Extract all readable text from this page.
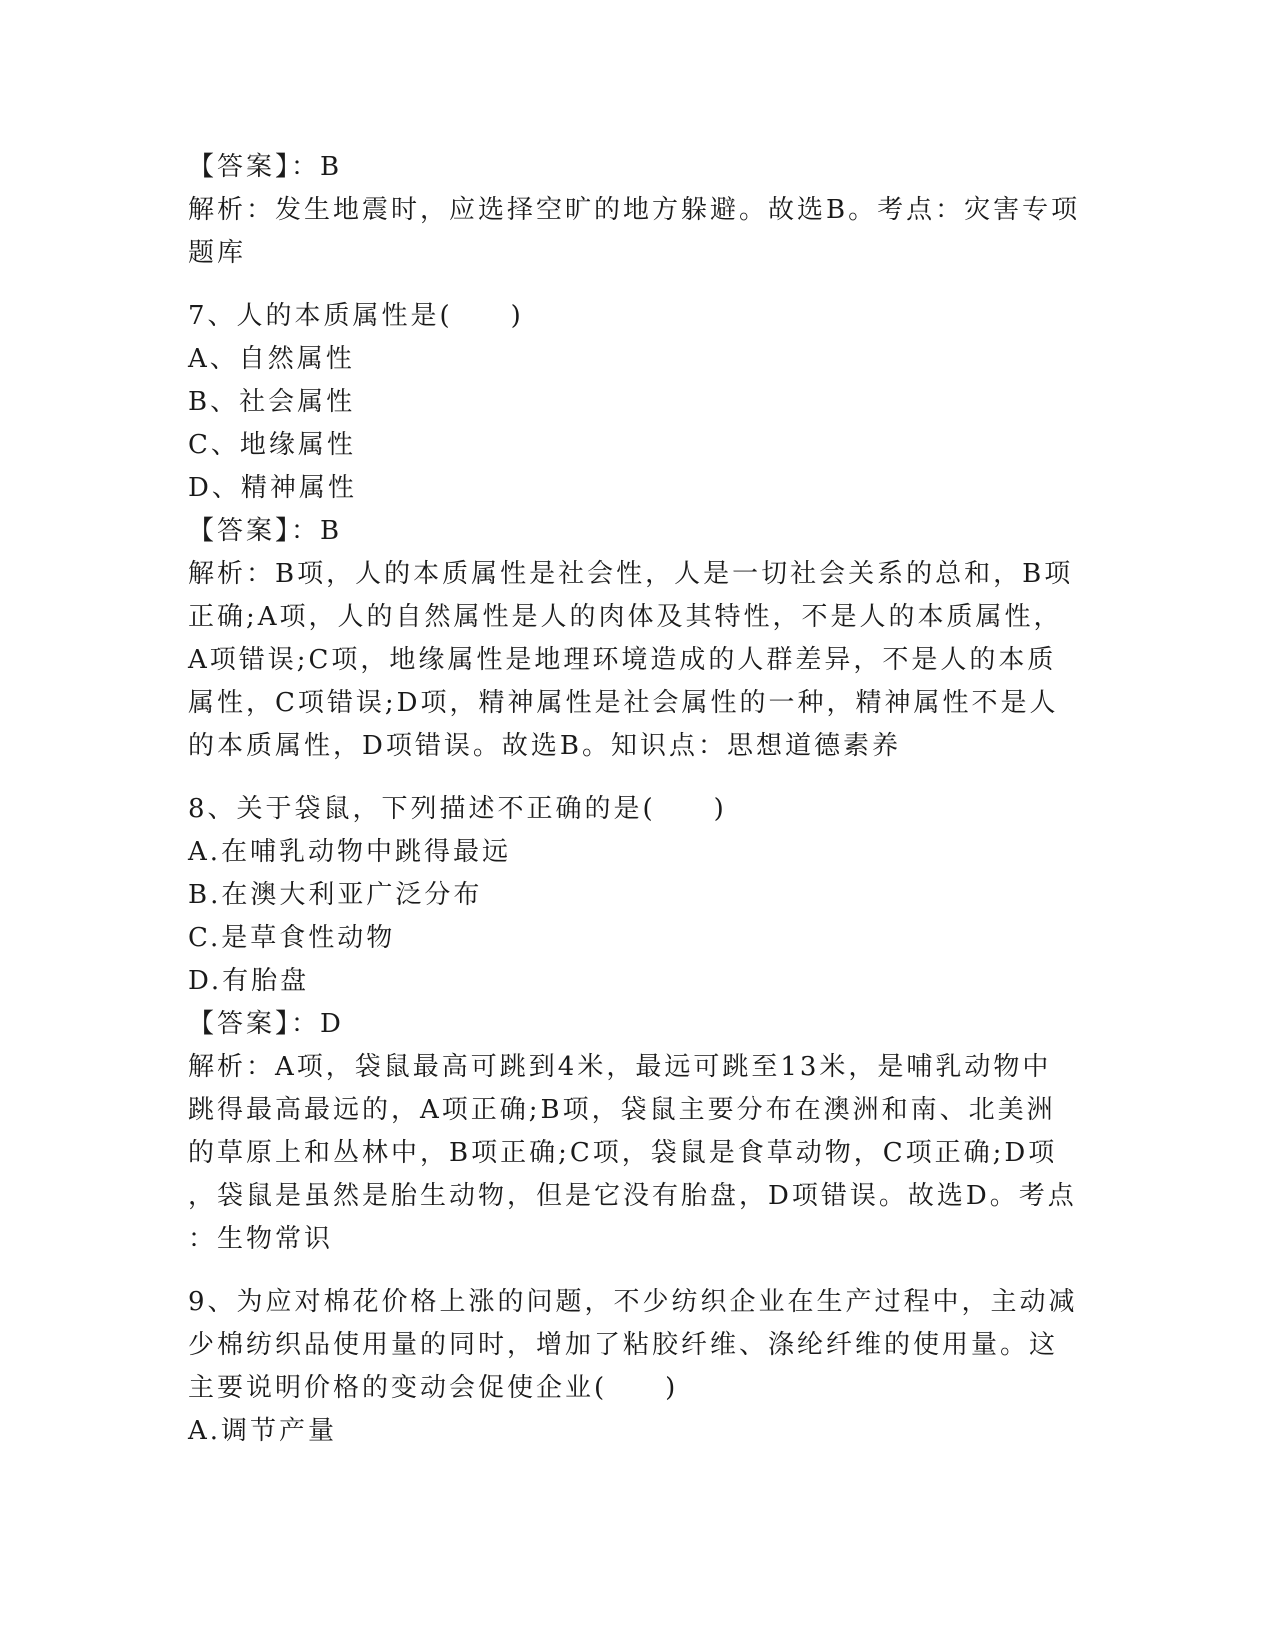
【答案】：B
解析：发生地震时，应选择空旷的地方躲避。故选B。考点：灾害专项
题库
7、人的本质属性是(　　)
A、自然属性
B、社会属性
C、地缘属性
D、精神属性
【答案】：B
解析：B项，人的本质属性是社会性，人是一切社会关系的总和，B项
正确;A项，人的自然属性是人的肉体及其特性，不是人的本质属性，
A项错误;C项，地缘属性是地理环境造成的人群差异，不是人的本质
属性，C项错误;D项，精神属性是社会属性的一种，精神属性不是人
的本质属性，D项错误。故选B。知识点：思想道德素养
8、关于袋鼠，下列描述不正确的是(　　)
A.在哺乳动物中跳得最远
B.在澳大利亚广泛分布
C.是草食性动物
D.有胎盘
【答案】：D
解析：A项，袋鼠最高可跳到4米，最远可跳至13米，是哺乳动物中
跳得最高最远的，A项正确;B项，袋鼠主要分布在澳洲和南、北美洲
的草原上和丛林中，B项正确;C项，袋鼠是食草动物，C项正确;D项
，袋鼠是虽然是胎生动物，但是它没有胎盘，D项错误。故选D。考点
：生物常识
9、为应对棉花价格上涨的问题，不少纺织企业在生产过程中，主动减
少棉纺织品使用量的同时，增加了粘胶纤维、涤纶纤维的使用量。这
主要说明价格的变动会促使企业(　　)
A.调节产量
